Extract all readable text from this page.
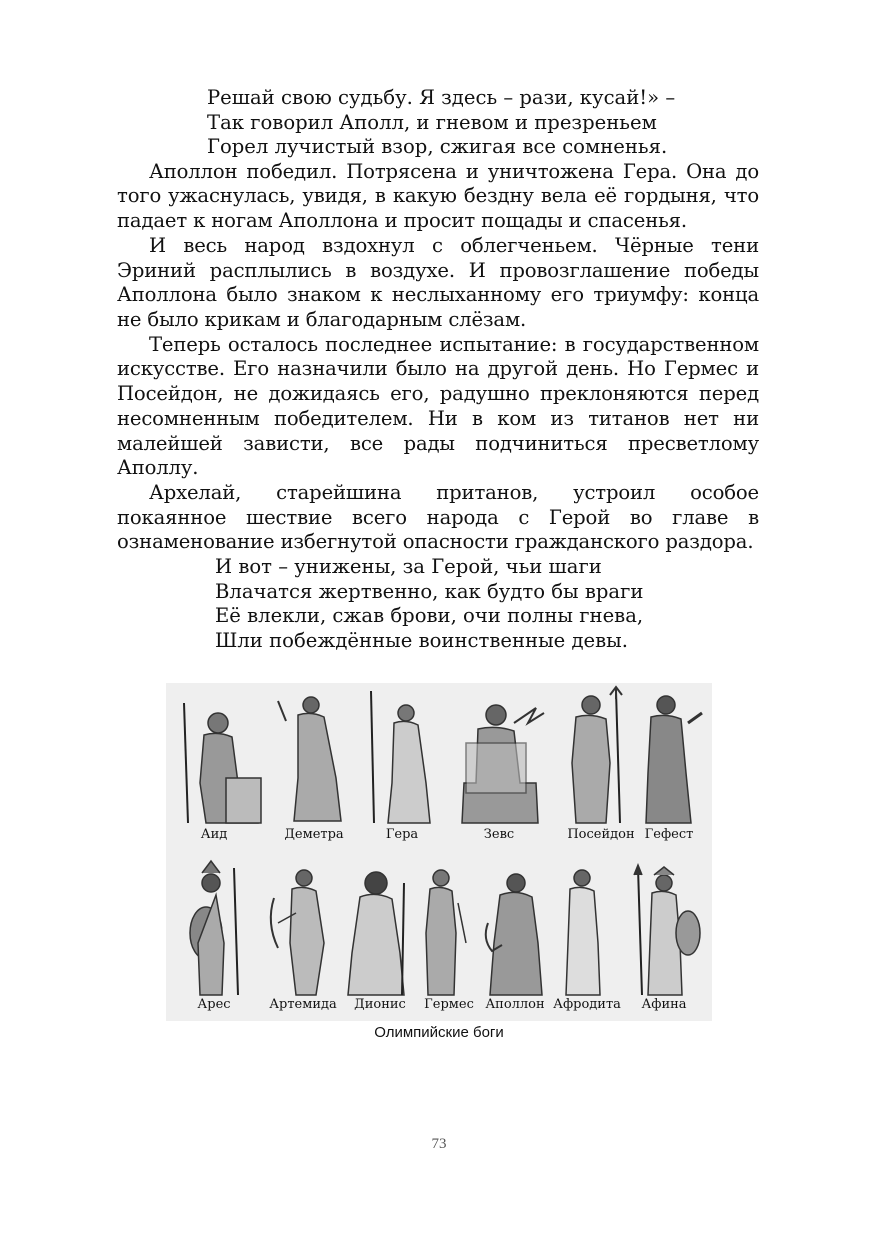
Решай свою судьбу. Я здесь – рази, кусай!» –
Так говорил Аполл, и гневом и презреньем
Горел лучистый взор, сжигая все сомненья.

Аполлон победил. Потрясена и уничтожена Гера. Она до того ужаснулась, увидя, в какую бездну вела её гордыня, что падает к ногам Аполлона и просит пощады и спасенья.

И весь народ вздохнул с облегченьем. Чёрные тени Эриний расплылись в воздухе. И провозглашение победы Аполлона было знаком к неслыханному его триумфу: конца не было крикам и благодарным слёзам.

Теперь осталось последнее испытание: в государственном искусстве. Его назначили было на другой день. Но Гермес и Посейдон, не дожидаясь его, радушно преклоняются перед несомненным победителем. Ни в ком из титанов нет ни малейшей зависти, все рады подчиниться пресветлому Аполлу.

Архелай, старейшина пританов, устроил особое покаянное шествие всего народа с Герой во главе в ознаменование избегнутой опасности гражданского раздора.

И вот – унижены, за Герой, чьи шаги
Влачатся жертвенно, как будто бы враги
Её влекли, сжав брови, очи полны гнева,
Шли побеждённые воинственные девы.
Аид	Деметра	Гера	Зевс	Посейдон Гефест
Арес	Артемида Дионис Гермес Аполлон Афродита Афина
Олимпийские боги
73
